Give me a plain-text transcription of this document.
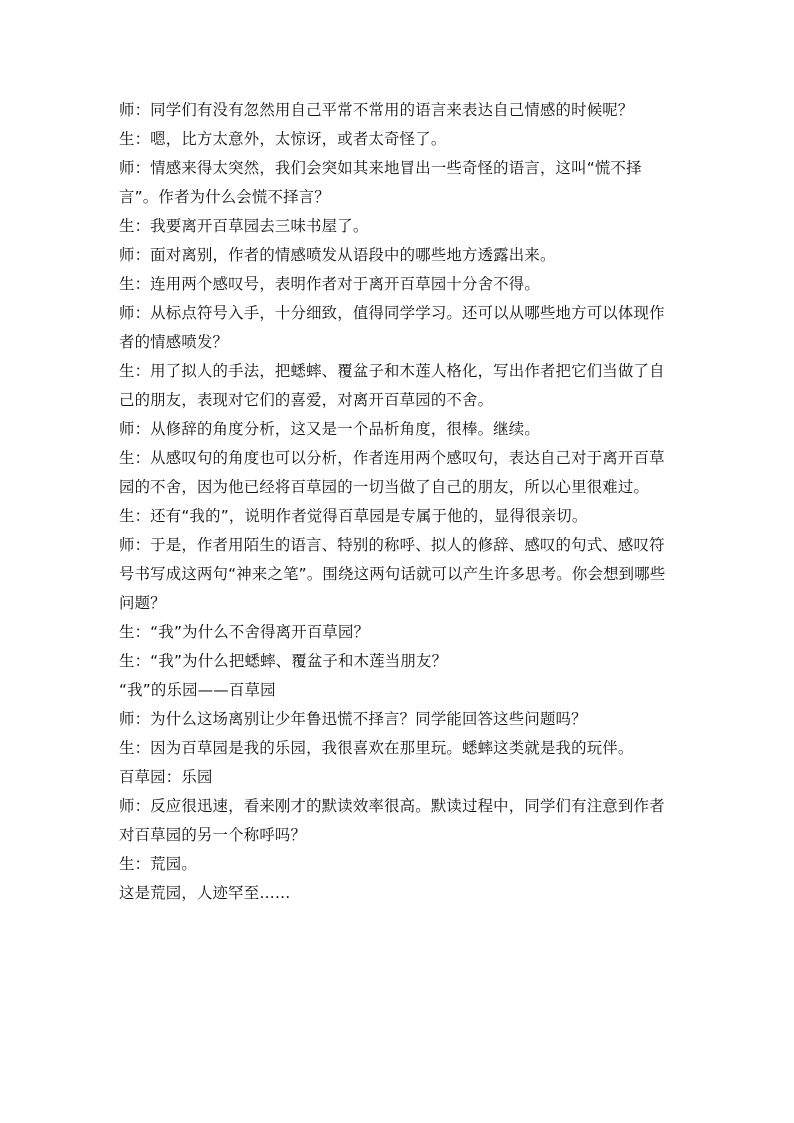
师：同学们有没有忽然用自己平常不常用的语言来表达自己情感的时候呢？

生：嗯，比方太意外，太惊讶，或者太奇怪了。

师：情感来得太突然，我们会突如其来地冒出一些奇怪的语言，这叫“慌不择言”。作者为什么会慌不择言？

生：我要离开百草园去三味书屋了。

师：面对离别，作者的情感喷发从语段中的哪些地方透露出来。

生：连用两个感叹号，表明作者对于离开百草园十分舍不得。

师：从标点符号入手，十分细致，值得同学学习。还可以从哪些地方可以体现作者的情感喷发？

生：用了拟人的手法，把蟋蟀、覆盆子和木莲人格化，写出作者把它们当做了自己的朋友，表现对它们的喜爱，对离开百草园的不舍。

师：从修辞的角度分析，这又是一个品析角度，很棒。继续。

生：从感叹句的角度也可以分析，作者连用两个感叹句，表达自己对于离开百草园的不舍，因为他已经将百草园的一切当做了自己的朋友，所以心里很难过。

生：还有“我的”，说明作者觉得百草园是专属于他的，显得很亲切。

师：于是，作者用陌生的语言、特别的称呼、拟人的修辞、感叹的句式、感叹符号书写成这两句“神来之笔”。围绕这两句话就可以产生许多思考。你会想到哪些问题？

生：“我”为什么不舍得离开百草园？

生：“我”为什么把蟋蟀、覆盆子和木莲当朋友？

“我”的乐园——百草园

师：为什么这场离别让少年鲁迅慌不择言？同学能回答这些问题吗？

生：因为百草园是我的乐园，我很喜欢在那里玩。蟋蟀这类就是我的玩伴。

百草园：乐园

师：反应很迅速，看来刚才的默读效率很高。默读过程中，同学们有注意到作者对百草园的另一个称呼吗？

生：荒园。

这是荒园，人迹罕至……
